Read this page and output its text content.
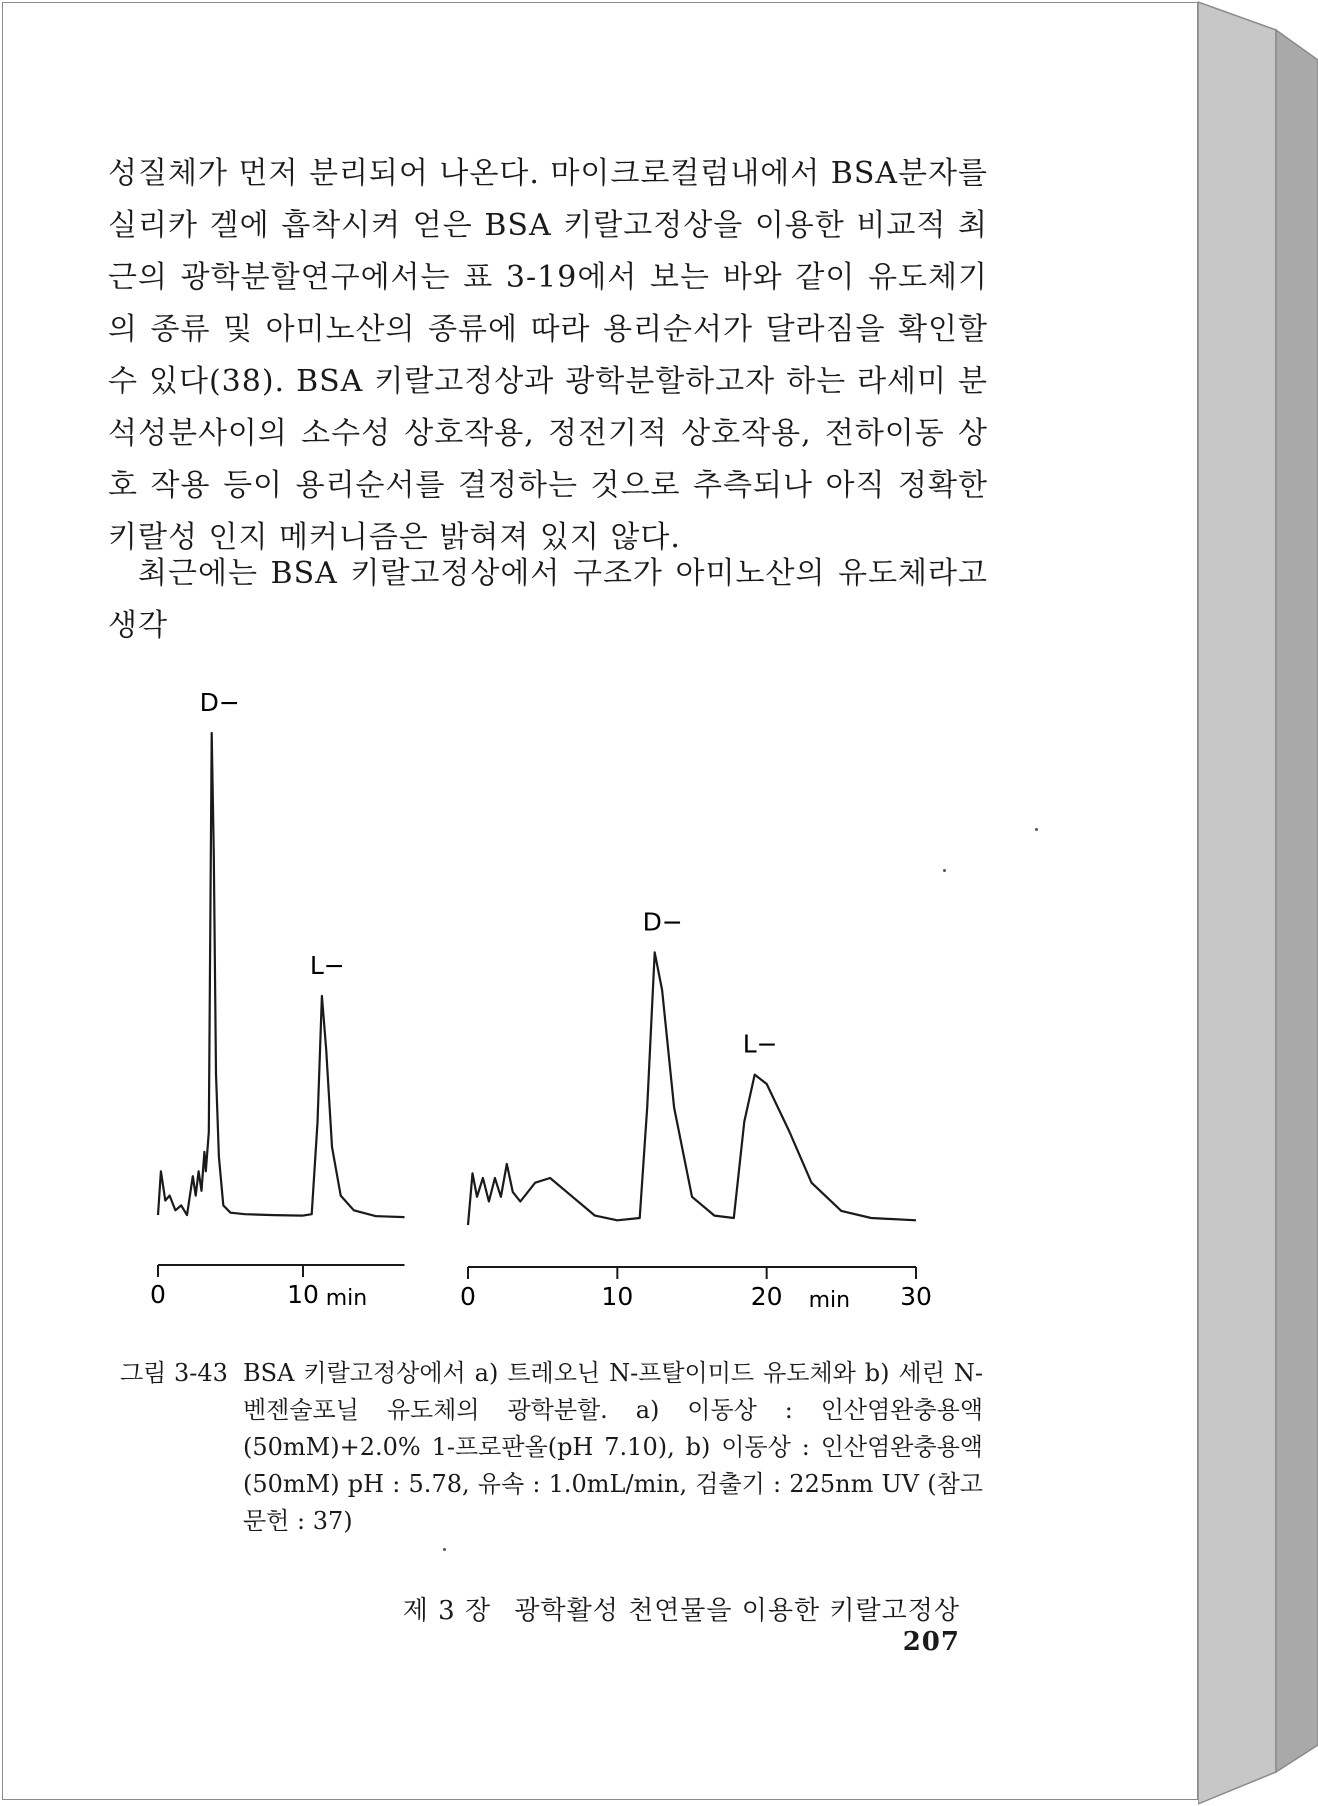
성질체가 먼저 분리되어 나온다. 마이크로컬럼내에서 BSA분자를 실리카 겔에 흡착시켜 얻은 BSA 키랄고정상을 이용한 비교적 최근의 광학분할연구에서는 표 3-19에서 보는 바와 같이 유도체기의 종류 및 아미노산의 종류에 따라 용리순서가 달라짐을 확인할 수 있다(38). BSA 키랄고정상과 광학분할하고자 하는 라세미 분석성분사이의 소수성 상호작용, 정전기적 상호작용, 전하이동 상호 작용 등이 용리순서를 결정하는 것으로 추측되나 아직 정확한 키랄성 인지 메커니즘은 밝혀져 있지 않다.

최근에는 BSA 키랄고정상에서 구조가 아미노산의 유도체라고 생각

0	10 min
D−
L−
0	10	20	30
min
D−
L−
그림 3-43 BSA 키랄고정상에서 a) 트레오닌 N-프탈이미드 유도체와 b) 세린 N-벤젠술포닐 유도체의 광학분할. a) 이동상 : 인산염완충용액(50mM)+2.0% 1-프로판올(pH 7.10), b) 이동상 : 인산염완충용액(50mM) pH : 5.78, 유속 : 1.0mL/min, 검출기 : 225nm UV (참고문헌 : 37)

제 3 장 광학활성 천연물을 이용한 키랄고정상 207
